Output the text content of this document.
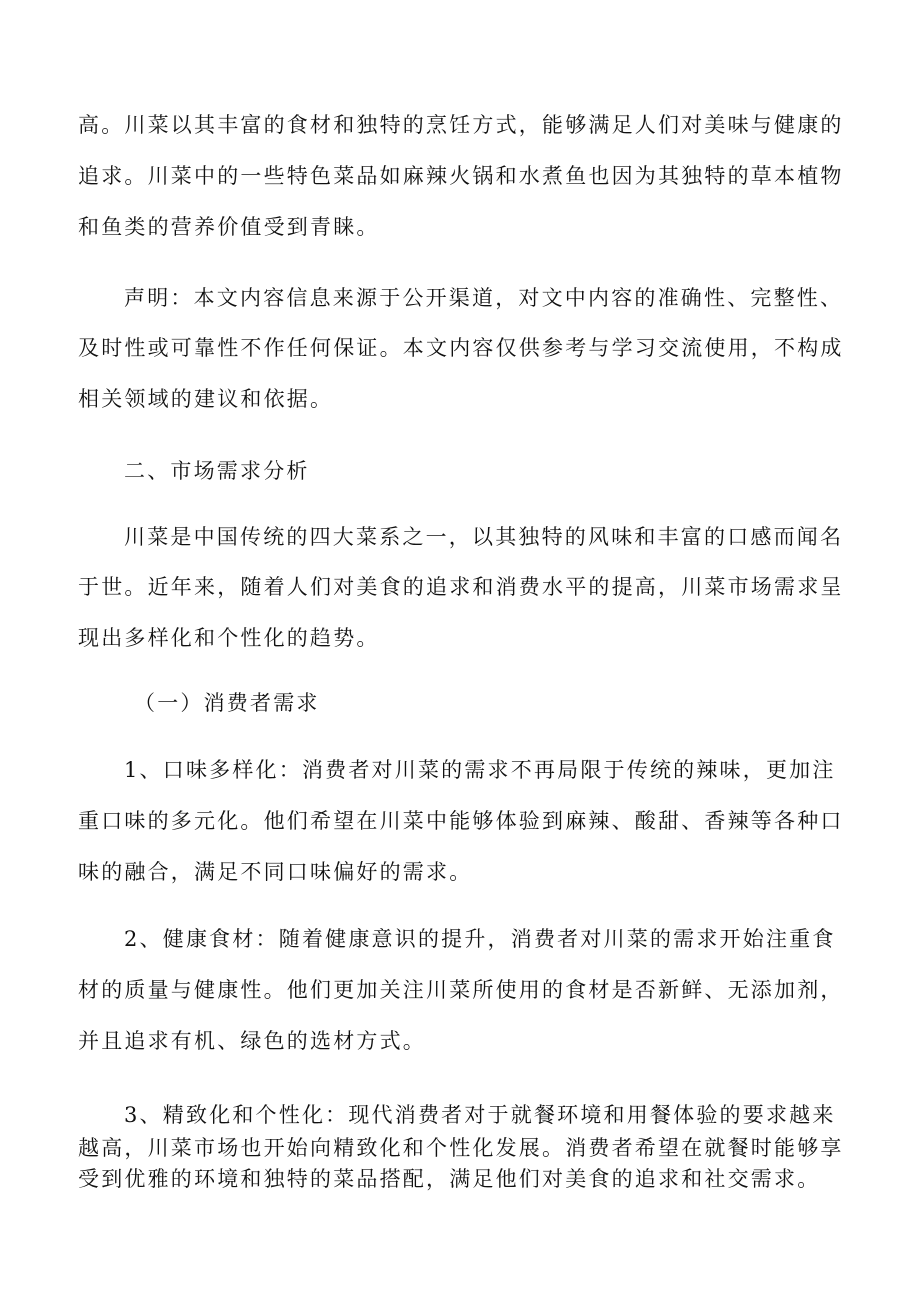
高。川菜以其丰富的食材和独特的烹饪方式，能够满足人们对美味与健康的
追求。川菜中的一些特色菜品如麻辣火锅和水煮鱼也因为其独特的草本植物
和鱼类的营养价值受到青睐。
声明：本文内容信息来源于公开渠道，对文中内容的准确性、完整性、
及时性或可靠性不作任何保证。本文内容仅供参考与学习交流使用，不构成
相关领域的建议和依据。
二、市场需求分析
川菜是中国传统的四大菜系之一，以其独特的风味和丰富的口感而闻名
于世。近年来，随着人们对美食的追求和消费水平的提高，川菜市场需求呈
现出多样化和个性化的趋势。
（一）消费者需求
1、口味多样化：消费者对川菜的需求不再局限于传统的辣味，更加注
重口味的多元化。他们希望在川菜中能够体验到麻辣、酸甜、香辣等各种口
味的融合，满足不同口味偏好的需求。
2、健康食材：随着健康意识的提升，消费者对川菜的需求开始注重食
材的质量与健康性。他们更加关注川菜所使用的食材是否新鲜、无添加剂，
并且追求有机、绿色的选材方式。
3、精致化和个性化：现代消费者对于就餐环境和用餐体验的要求越来
越高，川菜市场也开始向精致化和个性化发展。消费者希望在就餐时能够享
受到优雅的环境和独特的菜品搭配，满足他们对美食的追求和社交需求。
